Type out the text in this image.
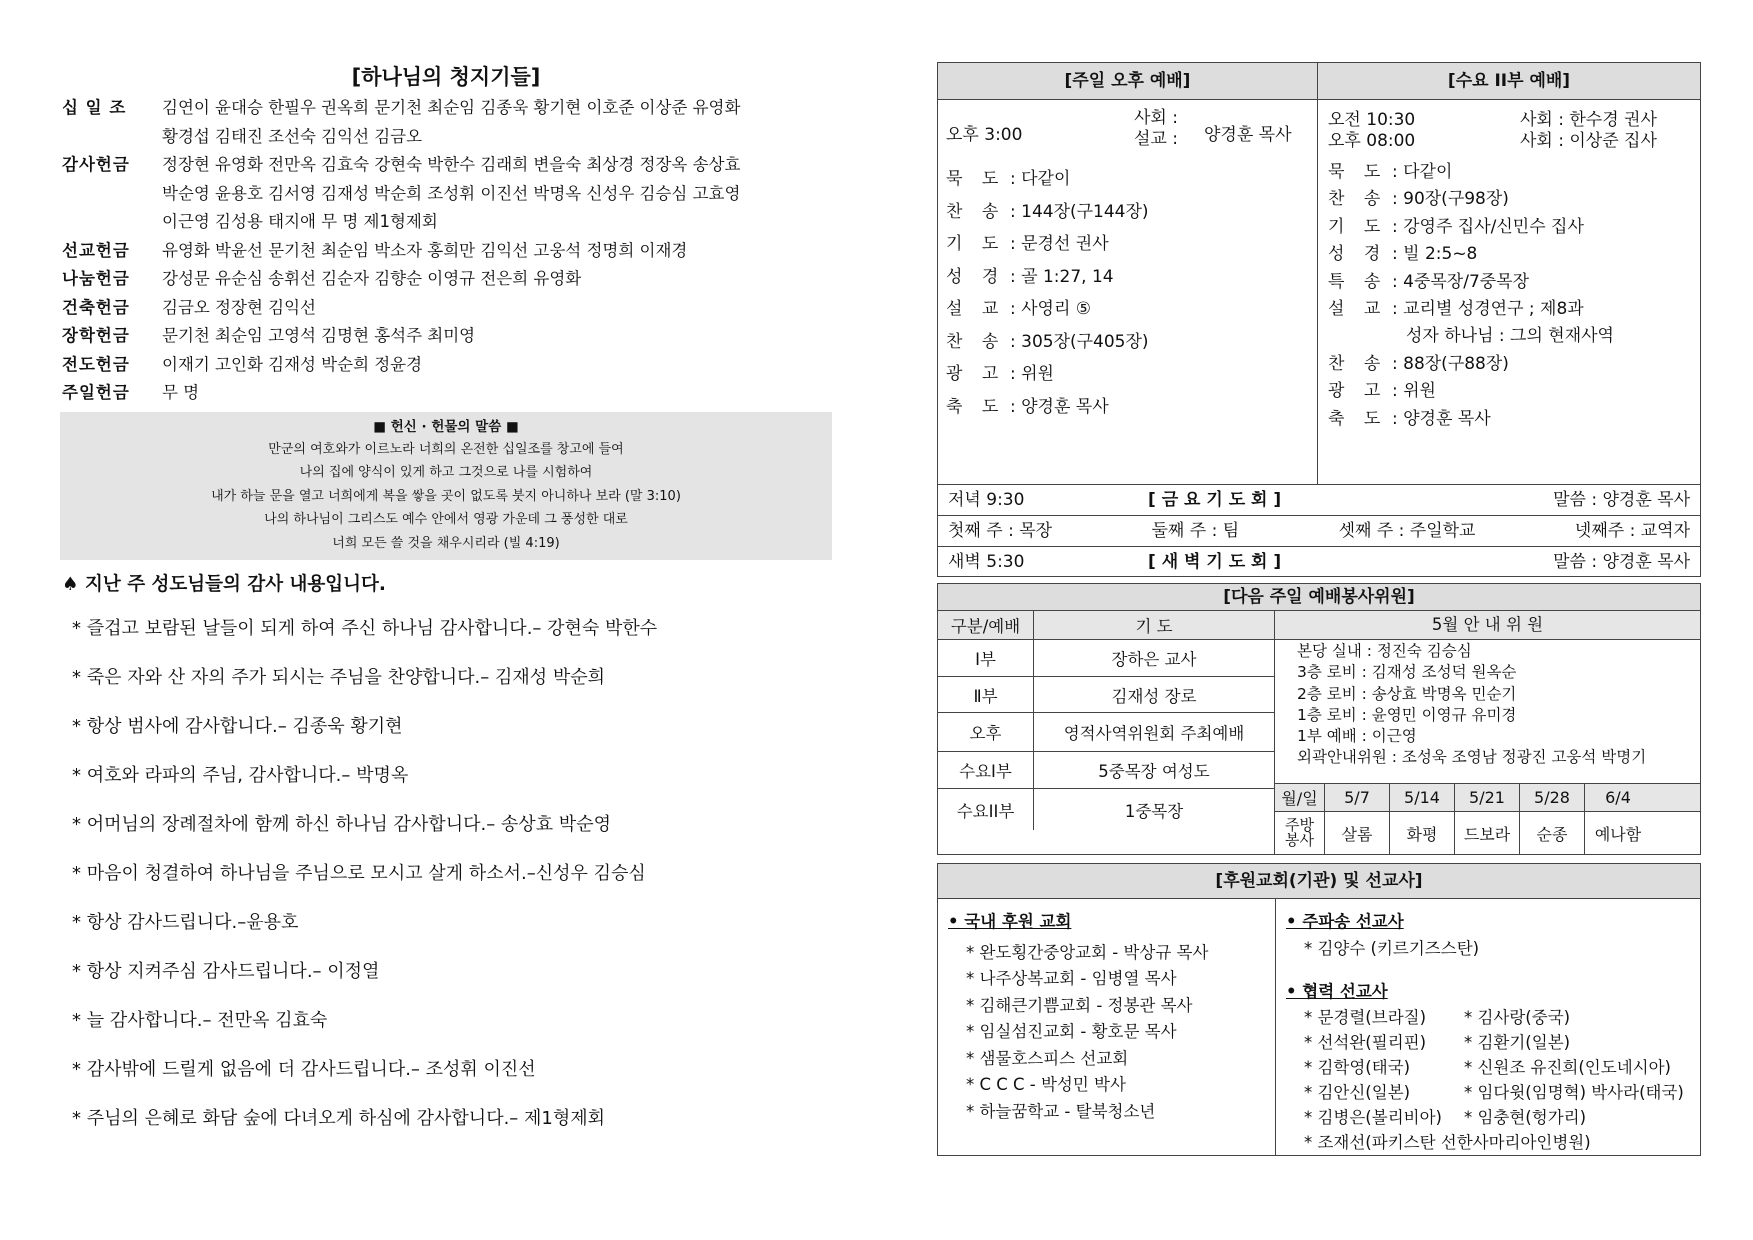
[하나님의 청지기들]
십 일 조	김연이 윤대승 한필우 권옥희 문기천 최순임 김종욱 황기현 이호준 이상준 유영화
황경섭 김태진 조선숙 김익선 김금오
감사헌금	정장현 유영화 전만옥 김효숙 강현숙 박한수 김래희 변을숙 최상경 정장옥 송상효
박순영 윤용호 김서영 김재성 박순희 조성휘 이진선 박명옥 신성우 김승심 고효영
이근영 김성용 태지애 무 명 제1형제회
선교헌금	유영화 박윤선 문기천 최순임 박소자 홍희만 김익선 고웅석 정명희 이재경
나눔헌금	강성문 유순심 송휘선 김순자 김향순 이영규 전은희 유영화
건축헌금	김금오 정장현 김익선
장학헌금	문기천 최순임 고영석 김명현 홍석주 최미영
전도헌금	이재기 고인화 김재성 박순희 정윤경
주일헌금	무 명
■ 헌신 · 헌물의 말씀 ■
만군의 여호와가 이르노라 너희의 온전한 십일조를 창고에 들여
나의 집에 양식이 있게 하고 그것으로 나를 시험하여
내가 하늘 문을 열고 너희에게 복을 쌓을 곳이 없도록 붓지 아니하나 보라 (말 3:10)
나의 하나님이 그리스도 예수 안에서 영광 가운데 그 풍성한 대로
너희 모든 쓸 것을 채우시리라 (빌 4:19)
♠ 지난 주 성도님들의 감사 내용입니다.
* 즐겁고 보람된 날들이 되게 하여 주신 하나님 감사합니다.– 강현숙 박한수
* 죽은 자와 산 자의 주가 되시는 주님을 찬양합니다.– 김재성 박순희
* 항상 범사에 감사합니다.– 김종욱 황기현
* 여호와 라파의 주님, 감사합니다.– 박명옥
* 어머님의 장례절차에 함께 하신 하나님 감사합니다.– 송상효 박순영
* 마음이 청결하여 하나님을 주님으로 모시고 살게 하소서.–신성우 김승심
* 항상 감사드립니다.–윤용호
* 항상 지켜주심 감사드립니다.– 이정열
* 늘 감사합니다.– 전만옥 김효숙
* 감사밖에 드릴게 없음에 더 감사드립니다.– 조성휘 이진선
* 주님의 은혜로 화담 숲에 다녀오게 하심에 감사합니다.– 제1형제회
[주일 오후 예배]
오후 3:00
사회 :
설교 : 양경훈 목사
묵 도 : 다같이
찬 송 : 144장(구144장)
기 도 : 문경선 권사
성 경 : 골 1:27, 14
설 교 : 사영리 ⑤
찬 송 : 305장(구405장)
광 고 : 위원
축 도 : 양경훈 목사
[수요 II부 예배]
오전 10:30	사회 : 한수경 권사
오후 08:00	사회 : 이상준 집사
묵 도 : 다같이
찬 송 : 90장(구98장)
기 도 : 강영주 집사/신민수 집사
성 경 : 빌 2:5~8
특 송 : 4중목장/7중목장
설 교 : 교리별 성경연구 ; 제8과
성자 하나님 : 그의 현재사역
찬 송 : 88장(구88장)
광 고 : 위원
축 도 : 양경훈 목사
저녁 9:30	[ 금 요 기 도 회 ]	말씀 : 양경훈 목사
첫째 주 : 목장	둘째 주 : 팀	셋째 주 : 주일학교	넷째주 : 교역자
새벽 5:30	[ 새 벽 기 도 회 ]	말씀 : 양경훈 목사
[다음 주일 예배봉사위원]
구분/예배	기 도
Ⅰ부	장하은 교사
Ⅱ부	김재성 장로
오후	영적사역위원회 주최예배
수요I부	5중목장 여성도
수요II부	1중목장
5월 안 내 위 원
본당 실내 : 정진숙 김승심
3층 로비 : 김재성 조성덕 원옥순
2층 로비 : 송상효 박명옥 민순기
1층 로비 : 윤영민 이영규 유미경
1부 예배 : 이근영
외곽안내위원 : 조성욱 조영남 정광진 고웅석 박명기
월/일	5/7	5/14	5/21	5/28	6/4
주방봉사	살롬	화평	드보라	순종	예나함
[후원교회(기관) 및 선교사]
• 국내 후원 교회
* 완도횡간중앙교회 - 박상규 목사
* 나주상복교회 - 임병열 목사
* 김해큰기쁨교회 - 정봉관 목사
* 임실섬진교회 - 황호문 목사
* 샘물호스피스 선교회
* C C C - 박성민 박사
* 하늘꿈학교 - 탈북청소년
• 주파송 선교사
* 김양수 (키르기즈스탄)
• 협력 선교사
* 문경렬(브라질)	* 김사랑(중국)
* 선석완(필리핀)	* 김환기(일본)
* 김학영(태국)	* 신원조 유진희(인도네시아)
* 김안신(일본)	* 임다윗(임명혁) 박사라(태국)
* 김병은(볼리비아)	* 임충현(헝가리)
* 조재선(파키스탄 선한사마리아인병원)
